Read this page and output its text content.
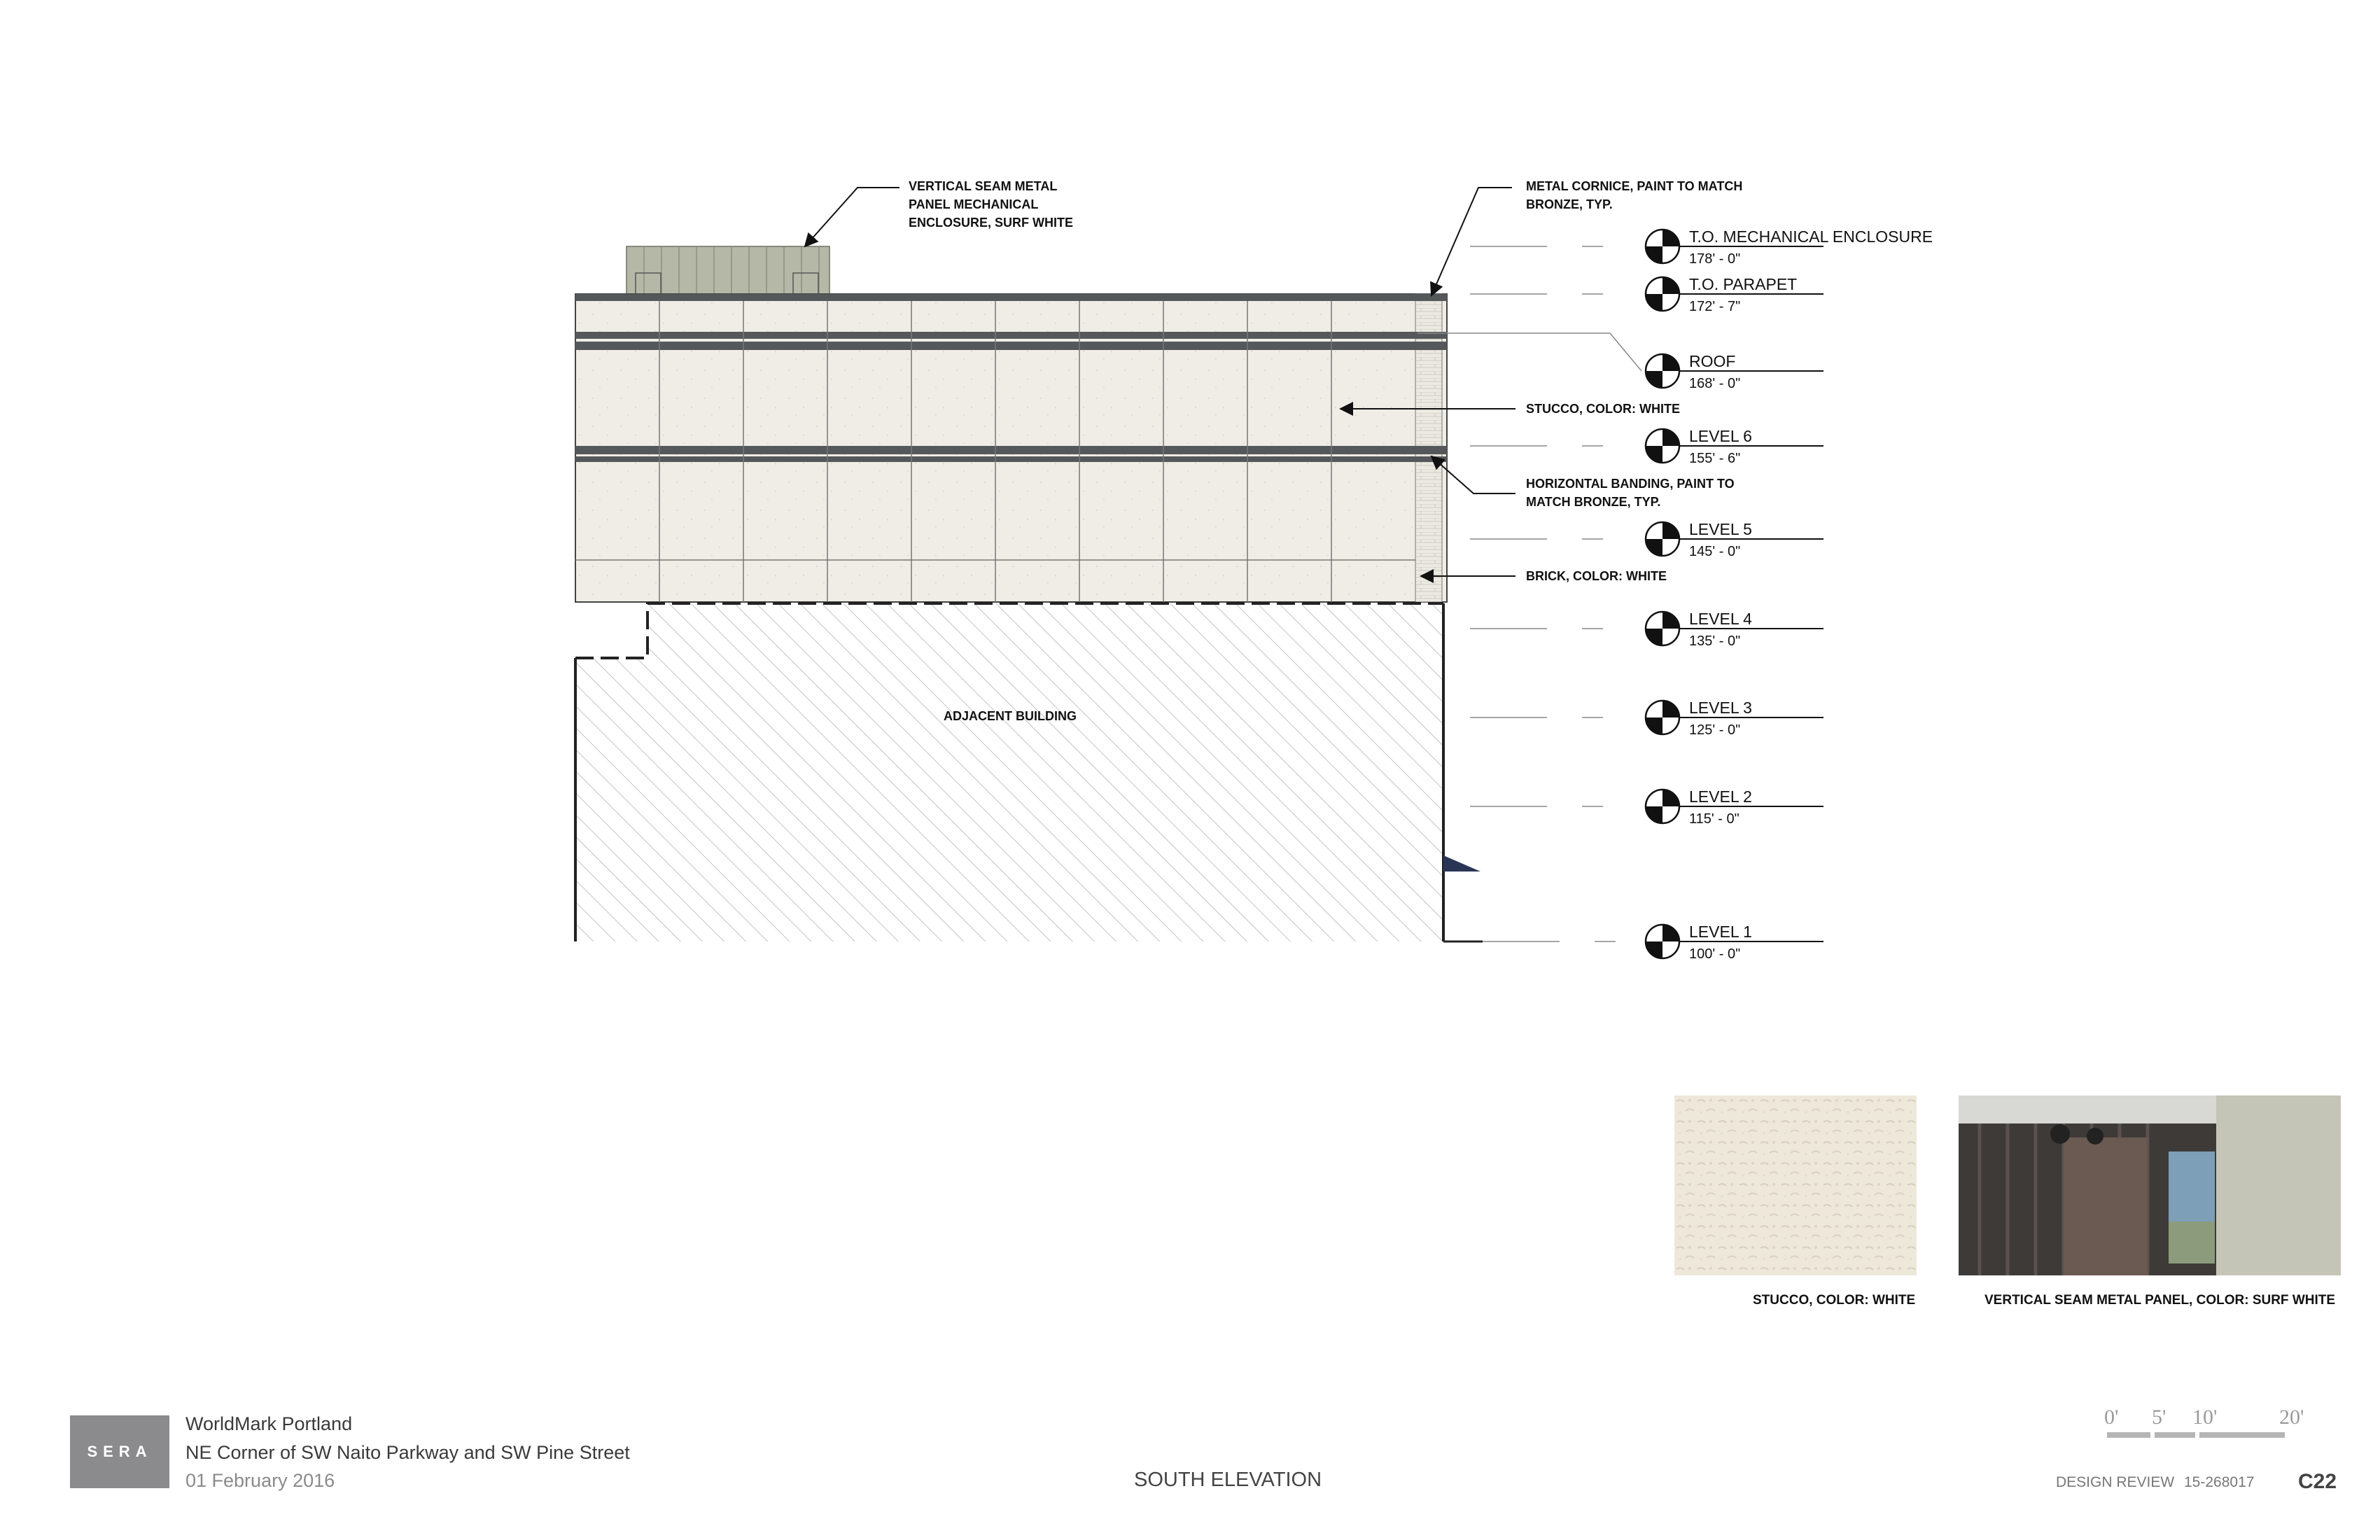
ADJACENT BUILDING
VERTICAL SEAM METAL
PANEL MECHANICAL
ENCLOSURE, SURF WHITE
METAL CORNICE, PAINT TO MATCH
BRONZE, TYP.
STUCCO, COLOR: WHITE
HORIZONTAL BANDING, PAINT TO
MATCH BRONZE, TYP.
BRICK, COLOR: WHITE
T.O. MECHANICAL ENCLOSURE
178' - 0"
T.O. PARAPET
172' - 7"
ROOF
168' - 0"
LEVEL 6
155' - 6"
LEVEL 5
145' - 0"
LEVEL 4
135' - 0"
LEVEL 3
125' - 0"
LEVEL 2
115' - 0"
LEVEL 1
100' - 0"
STUCCO, COLOR: WHITE	VERTICAL SEAM METAL PANEL, COLOR: SURF WHITE
SERA
WorldMark Portland
NE Corner of SW Naito Parkway and SW Pine Street
01 February 2016	SOUTH ELEVATION	DESIGN REVIEW 15-268017 C22
0' 5' 10'	20'
